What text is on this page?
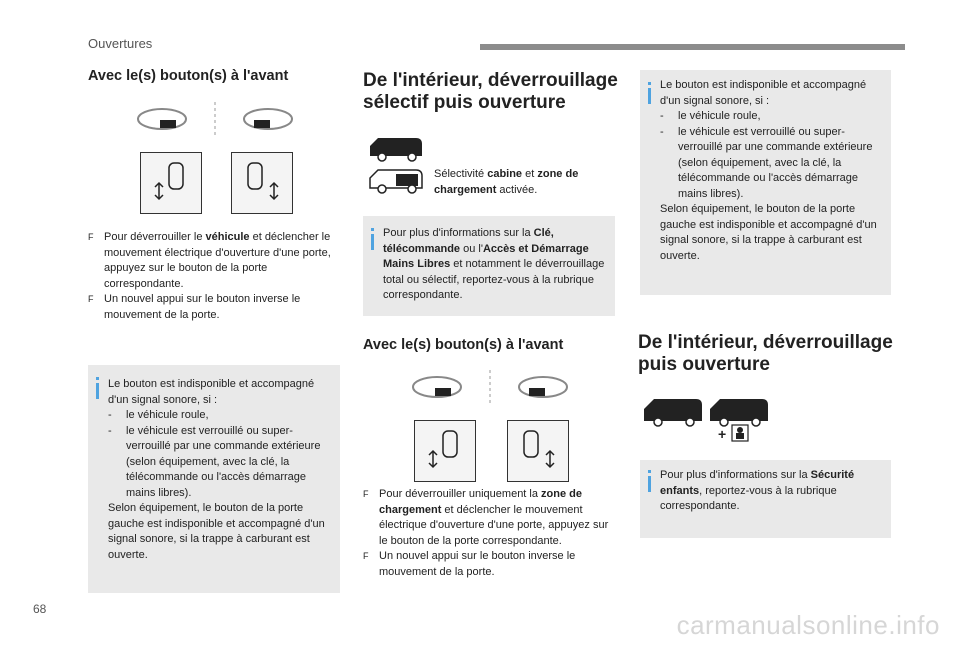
Ouvertures
Avec le(s) bouton(s) à l'avant

F Pour déverrouiller le véhicule et déclencher le mouvement électrique d'ouverture d'une porte, appuyez sur le bouton de la porte correspondante.

F Un nouvel appui sur le bouton inverse le mouvement de la porte.

Le bouton est indisponible et accompagné d'un signal sonore, si :
- le véhicule roule,
- le véhicule est verrouillé ou super-verrouillé par une commande extérieure (selon équipement, avec la clé, la télécommande ou l'accès démarrage mains libres).
Selon équipement, le bouton de la porte gauche est indisponible et accompagné d'un signal sonore, si la trappe à carburant est ouverte.
De l'intérieur, déverrouillage sélectif puis ouverture
Sélectivité cabine et zone de chargement activée.
Pour plus d'informations sur la Clé, télécommande ou l'Accès et Démarrage Mains Libres et notamment le déverrouillage total ou sélectif, reportez-vous à la rubrique correspondante.
Avec le(s) bouton(s) à l'avant

F Pour déverrouiller uniquement la zone de chargement et déclencher le mouvement électrique d'ouverture d'une porte, appuyez sur le bouton de la porte correspondante.

F Un nouvel appui sur le bouton inverse le mouvement de la porte.

Le bouton est indisponible et accompagné d'un signal sonore, si :
- le véhicule roule,
- le véhicule est verrouillé ou super-verrouillé par une commande extérieure (selon équipement, avec la clé, la télécommande ou l'accès démarrage mains libres).
Selon équipement, le bouton de la porte gauche est indisponible et accompagné d'un signal sonore, si la trappe à carburant est ouverte.
De l'intérieur, déverrouillage puis ouverture
+
Pour plus d'informations sur la Sécurité enfants, reportez-vous à la rubrique correspondante.
68
carmanualsonline.info
